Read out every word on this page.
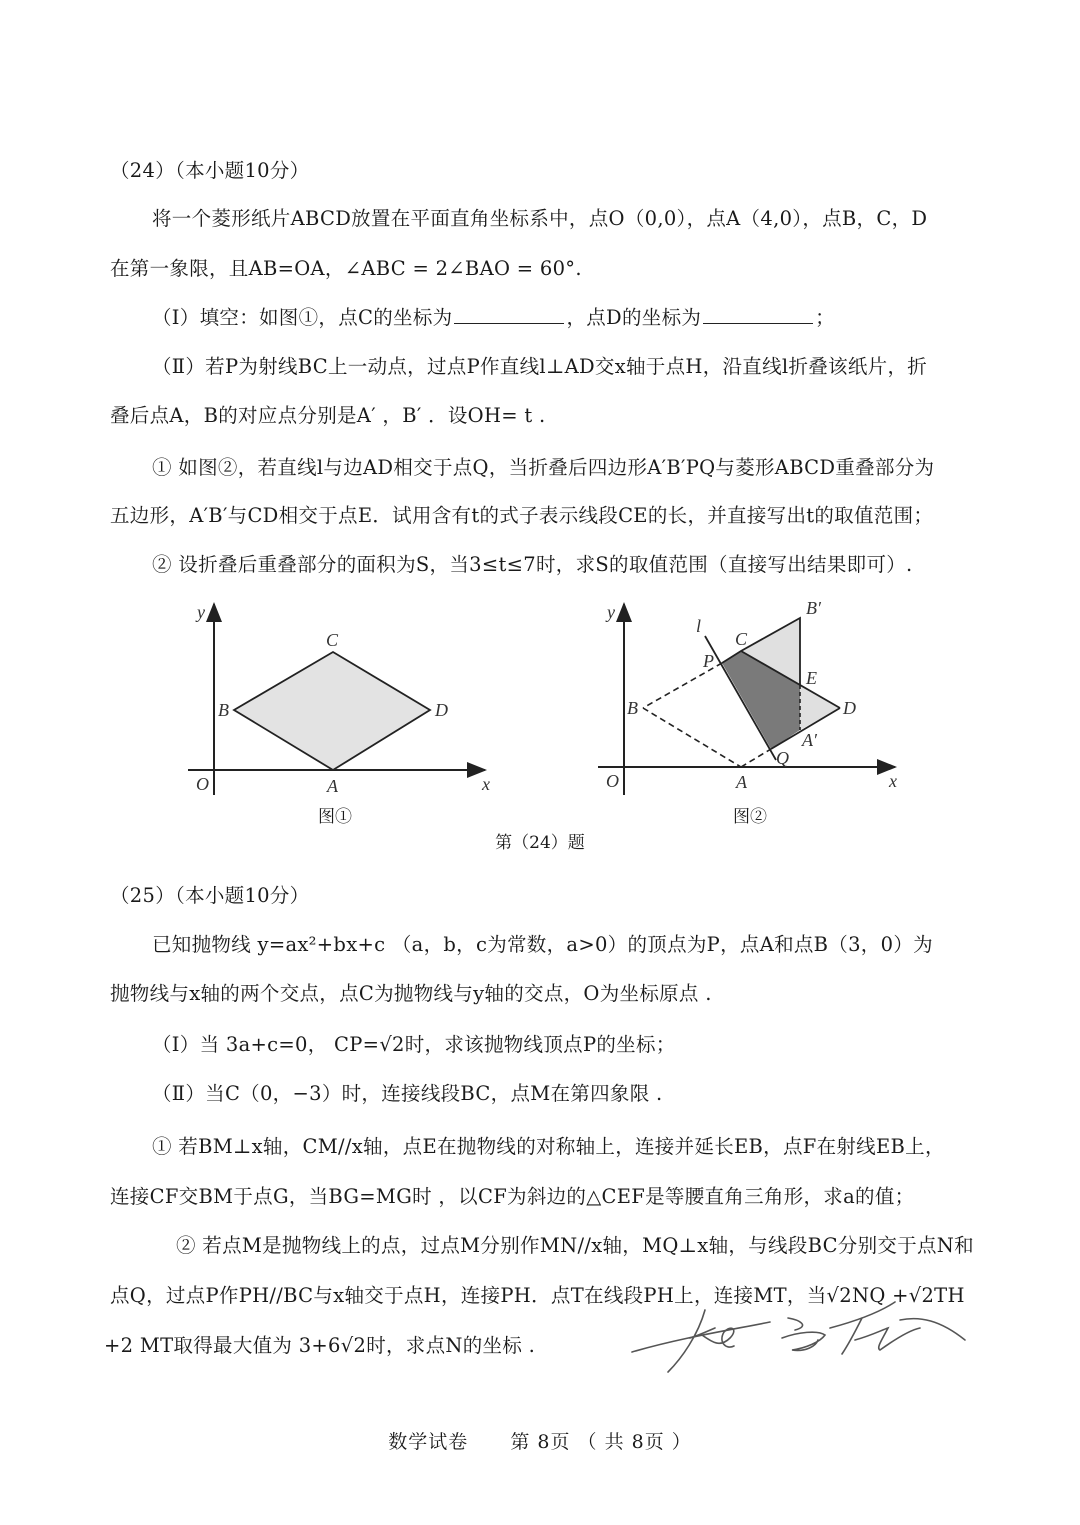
（24）（本小题10分）
将一个菱形纸片ABCD放置在平面直角坐标系中，点O（0,0），点A（4,0），点B，C，D
在第一象限，且AB=OA，∠ABC = 2∠BAO = 60°.
（Ⅰ）填空：如图①，点C的坐标为	，点D的坐标为	；
（Ⅱ）若P为射线BC上一动点，过点P作直线l⊥AD交x轴于点H，沿直线l折叠该纸片，折
叠后点A，B的对应点分别是A′ ，B′ ．设OH= t .
① 如图②，若直线l与边AD相交于点Q，当折叠后四边形A′B′PQ与菱形ABCD重叠部分为
五边形，A′B′与CD相交于点E．试用含有t的式子表示线段CE的长，并直接写出t的取值范围；
② 设折叠后重叠部分的面积为S，当3≤t≤7时，求S的取值范围（直接写出结果即可）.
y
x
O	A
B
C
D
图①
y
x
O	A
B
C
D
P
Q
E
l
B′
A′
图②
第（24）题
（25）（本小题10分）
已知抛物线 y=ax²+bx+c （a，b，c为常数，a>0）的顶点为P，点A和点B（3，0）为
抛物线与x轴的两个交点，点C为抛物线与y轴的交点，O为坐标原点 .
（Ⅰ）当 3a+c=0， CP=√2时，求该抛物线顶点P的坐标；
（Ⅱ）当C（0，−3）时，连接线段BC，点M在第四象限 .
① 若BM⊥x轴，CM//x轴，点E在抛物线的对称轴上，连接并延长EB，点F在射线EB上，
连接CF交BM于点G，当BG=MG时 ，以CF为斜边的△CEF是等腰直角三角形，求a的值；
② 若点M是抛物线上的点，过点M分别作MN//x轴，MQ⊥x轴，与线段BC分别交于点N和
点Q，过点P作PH//BC与x轴交于点H，连接PH．点T在线段PH上，连接MT，当√2NQ +√2TH
+2 MT取得最大值为 3+6√2时，求点N的坐标 .
数学试卷 第 8页 （ 共 8页 ）
